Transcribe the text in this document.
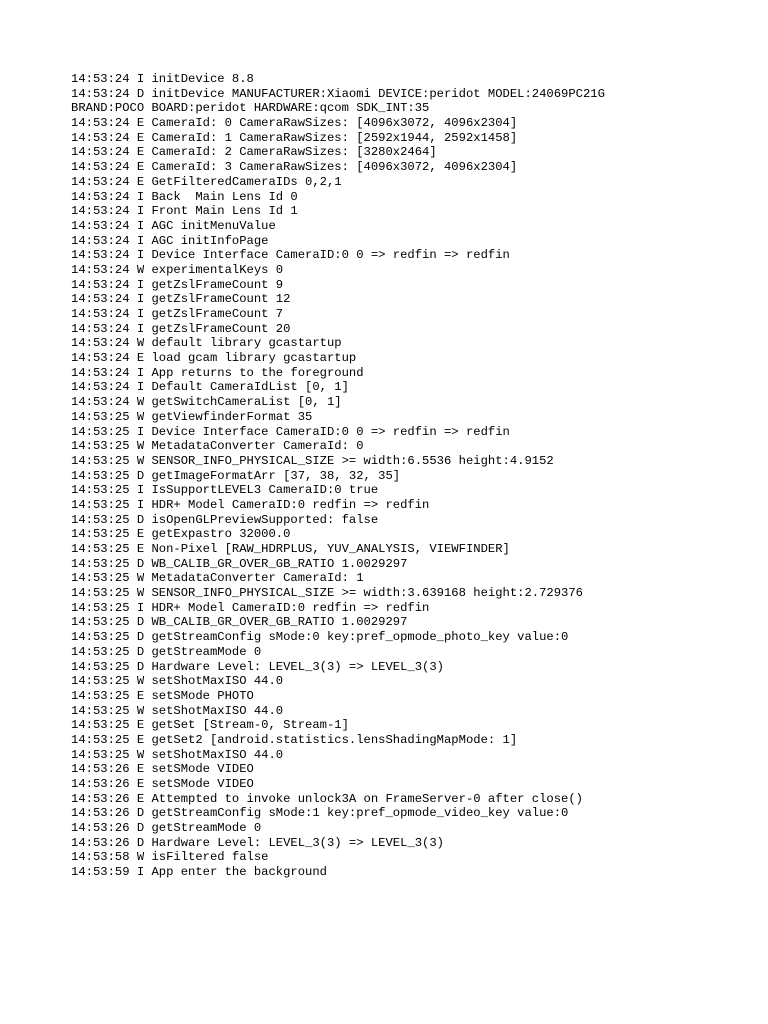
14:53:24 I initDevice 8.8
14:53:24 D initDevice MANUFACTURER:Xiaomi DEVICE:peridot MODEL:24069PC21G
BRAND:POCO BOARD:peridot HARDWARE:qcom SDK_INT:35
14:53:24 E CameraId: 0 CameraRawSizes: [4096x3072, 4096x2304]
14:53:24 E CameraId: 1 CameraRawSizes: [2592x1944, 2592x1458]
14:53:24 E CameraId: 2 CameraRawSizes: [3280x2464]
14:53:24 E CameraId: 3 CameraRawSizes: [4096x3072, 4096x2304]
14:53:24 E GetFilteredCameraIDs 0,2,1
14:53:24 I Back  Main Lens Id 0
14:53:24 I Front Main Lens Id 1
14:53:24 I AGC initMenuValue
14:53:24 I AGC initInfoPage
14:53:24 I Device Interface CameraID:0 0 => redfin => redfin
14:53:24 W experimentalKeys 0
14:53:24 I getZslFrameCount 9
14:53:24 I getZslFrameCount 12
14:53:24 I getZslFrameCount 7
14:53:24 I getZslFrameCount 20
14:53:24 W default library gcastartup
14:53:24 E load gcam library gcastartup
14:53:24 I App returns to the foreground
14:53:24 I Default CameraIdList [0, 1]
14:53:24 W getSwitchCameraList [0, 1]
14:53:25 W getViewfinderFormat 35
14:53:25 I Device Interface CameraID:0 0 => redfin => redfin
14:53:25 W MetadataConverter CameraId: 0
14:53:25 W SENSOR_INFO_PHYSICAL_SIZE >= width:6.5536 height:4.9152
14:53:25 D getImageFormatArr [37, 38, 32, 35]
14:53:25 I IsSupportLEVEL3 CameraID:0 true
14:53:25 I HDR+ Model CameraID:0 redfin => redfin
14:53:25 D isOpenGLPreviewSupported: false
14:53:25 E getExpastro 32000.0
14:53:25 E Non-Pixel [RAW_HDRPLUS, YUV_ANALYSIS, VIEWFINDER]
14:53:25 D WB_CALIB_GR_OVER_GB_RATIO 1.0029297
14:53:25 W MetadataConverter CameraId: 1
14:53:25 W SENSOR_INFO_PHYSICAL_SIZE >= width:3.639168 height:2.729376
14:53:25 I HDR+ Model CameraID:0 redfin => redfin
14:53:25 D WB_CALIB_GR_OVER_GB_RATIO 1.0029297
14:53:25 D getStreamConfig sMode:0 key:pref_opmode_photo_key value:0
14:53:25 D getStreamMode 0
14:53:25 D Hardware Level: LEVEL_3(3) => LEVEL_3(3)
14:53:25 W setShotMaxISO 44.0
14:53:25 E setSMode PHOTO
14:53:25 W setShotMaxISO 44.0
14:53:25 E getSet [Stream-0, Stream-1]
14:53:25 E getSet2 [android.statistics.lensShadingMapMode: 1]
14:53:25 W setShotMaxISO 44.0
14:53:26 E setSMode VIDEO
14:53:26 E setSMode VIDEO
14:53:26 E Attempted to invoke unlock3A on FrameServer-0 after close()
14:53:26 D getStreamConfig sMode:1 key:pref_opmode_video_key value:0
14:53:26 D getStreamMode 0
14:53:26 D Hardware Level: LEVEL_3(3) => LEVEL_3(3)
14:53:58 W isFiltered false
14:53:59 I App enter the background
